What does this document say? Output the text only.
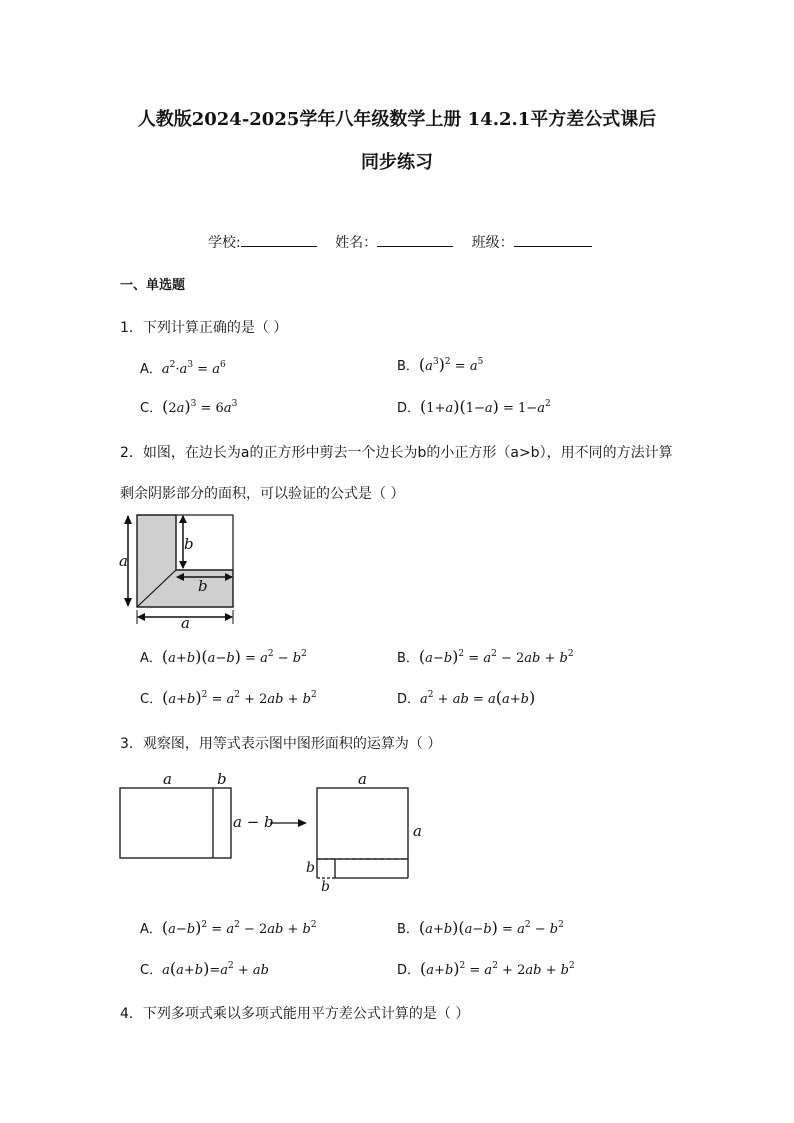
人教版2024-2025学年八年级数学上册 14.2.1平方差公式课后
同步练习
学校:	姓名：	班级：
一、单选题
1．下列计算正确的是（ ）
A．$a^2\cdot a^3 = a^6$	B．$(a^3)^2 = a^5$
C．$(2a)^3 = 6a^3$	D．$(1+a)(1-a) = 1-a^2$
2．如图，在边长为a的正方形中剪去一个边长为b的小正方形（a>b），用不同的方法计算
剩余阴影部分的面积，可以验证的公式是（ ）
a
b
b
a
A．$(a+b)(a-b) = a^2 - b^2$	B．$(a-b)^2 = a^2 - 2ab + b^2$
C．$(a+b)^2 = a^2 + 2ab + b^2$	D．$a^2$ + ab = a(a+b)
3．观察图，用等式表示图中图形面积的运算为（ ）
a	b
a − b
a
a
b
b
A．$(a-b)^2 = a^2 - 2ab + b^2$	B．$(a+b)(a-b) = a^2 - b^2$
C．$a(a+b)=a^2$ + ab	D．$(a+b)^2 = a^2 + 2ab + b^2$
4．下列多项式乘以多项式能用平方差公式计算的是（ ）
